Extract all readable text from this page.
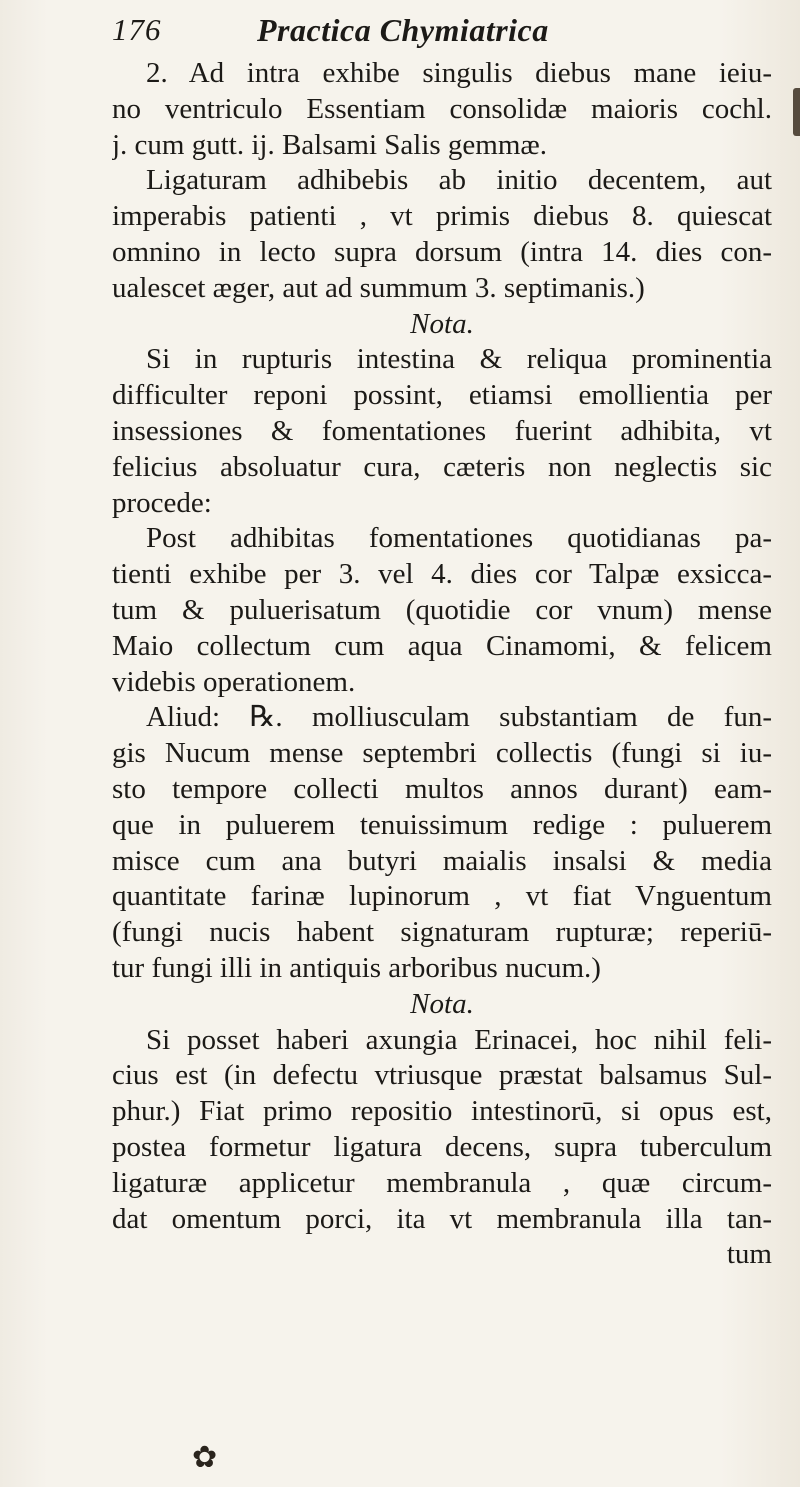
176	Practica Chymiatrica
2. Ad intra exhibe singulis diebus mane ieiu-
no ventriculo Essentiam consolidæ maioris cochl.
j. cum gutt. ij. Balsami Salis gemmæ.
Ligaturam adhibebis ab initio decentem, aut
imperabis patienti , vt primis diebus 8. quiescat
omnino in lecto supra dorsum (intra 14. dies con-
ualescet æger, aut ad summum 3. septimanis.)
Nota.
Si in rupturis intestina & reliqua prominentia
difficulter reponi possint, etiamsi emollientia per
insessiones & fomentationes fuerint adhibita, vt
felicius absoluatur cura, cæteris non neglectis sic
procede:
Post adhibitas fomentationes quotidianas pa-
tienti exhibe per 3. vel 4. dies cor Talpæ exsicca-
tum & puluerisatum (quotidie cor vnum) mense
Maio collectum cum aqua Cinamomi, & felicem
videbis operationem.
Aliud: ℞. molliusculam substantiam de fun-
gis Nucum mense septembri collectis (fungi si iu-
sto tempore collecti multos annos durant) eam-
que in puluerem tenuissimum redige : puluerem
misce cum ana butyri maialis insalsi & media
quantitate farinæ lupinorum , vt fiat Vnguentum
(fungi nucis habent signaturam rupturæ; reperiū-
tur fungi illi in antiquis arboribus nucum.)
Nota.
Si posset haberi axungia Erinacei, hoc nihil feli-
cius est (in defectu vtriusque præstat balsamus Sul-
phur.) Fiat primo repositio intestinorū, si opus est,
postea formetur ligatura decens, supra tuberculum
ligaturæ applicetur membranula , quæ circum-
dat omentum porci, ita vt membranula illa tan-
tum
✿
